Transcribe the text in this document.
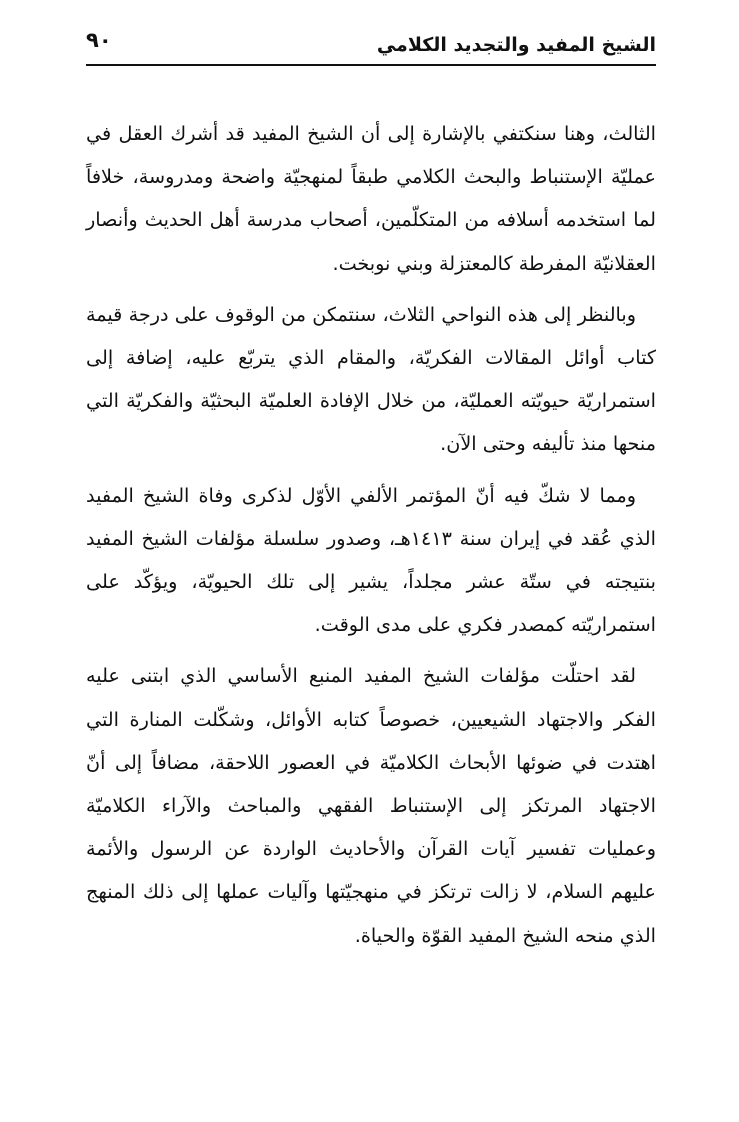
الشيخ المفيد والتجديد الكلامي
٩٠

الثالث، وهنا سنكتفي بالإشارة إلى أن الشيخ المفيد قد أشرك العقل في عمليّة الإستنباط والبحث الكلامي طبقاً لمنهجيّة واضحة ومدروسة، خلافاً لما استخدمه أسلافه من المتكلّمين، أصحاب مدرسة أهل الحديث وأنصار العقلانيّة المفرطة كالمعتزلة وبني نوبخت.

وبالنظر إلى هذه النواحي الثلاث، سنتمكن من الوقوف على درجة قيمة كتاب أوائل المقالات الفكريّة، والمقام الذي يتربّع عليه، إضافة إلى استمراريّة حيويّته العمليّة، من خلال الإفادة العلميّة البحثيّة والفكريّة التي منحها منذ تأليفه وحتى الآن.

ومما لا شكّ فيه أنّ المؤتمر الألفي الأوّل لذكرى وفاة الشيخ المفيد الذي عُقد في إيران سنة ١٤١٣هـ، وصدور سلسلة مؤلفات الشيخ المفيد بنتيجته في ستّة عشر مجلداً، يشير إلى تلك الحيويّة، ويؤكّد على استمراريّته كمصدر فكري على مدى الوقت.

لقد احتلّت مؤلفات الشيخ المفيد المنبع الأساسي الذي ابتنى عليه الفكر والاجتهاد الشيعيين، خصوصاً كتابه الأوائل، وشكّلت المنارة التي اهتدت في ضوئها الأبحاث الكلاميّة في العصور اللاحقة، مضافاً إلى أنّ الاجتهاد المرتكز إلى الإستنباط الفقهي والمباحث والآراء الكلاميّة وعمليات تفسير آيات القرآن والأحاديث الواردة عن الرسول والأئمة عليهم السلام، لا زالت ترتكز في منهجيّتها وآليات عملها إلى ذلك المنهج الذي منحه الشيخ المفيد القوّة والحياة.
